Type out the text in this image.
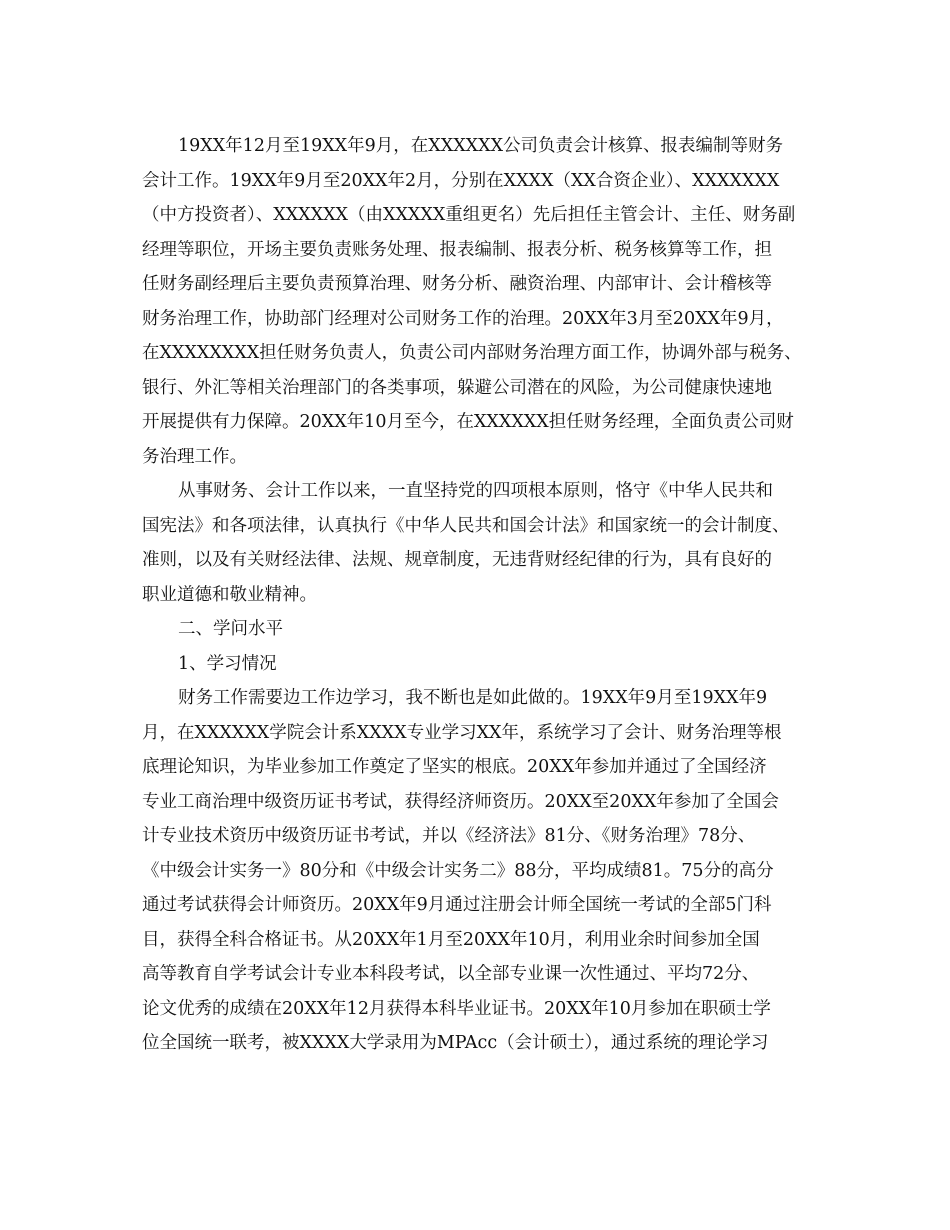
19XX年12月至19XX年9月，在XXXXXX公司负责会计核算、报表编制等财务
会计工作。19XX年9月至20XX年2月，分别在XXXX（XX合资企业）、XXXXXXX
（中方投资者）、XXXXXX（由XXXXX重组更名）先后担任主管会计、主任、财务副
经理等职位，开场主要负责账务处理、报表编制、报表分析、税务核算等工作，担
任财务副经理后主要负责预算治理、财务分析、融资治理、内部审计、会计稽核等
财务治理工作，协助部门经理对公司财务工作的治理。20XX年3月至20XX年9月，
在XXXXXXXX担任财务负责人，负责公司内部财务治理方面工作，协调外部与税务、
银行、外汇等相关治理部门的各类事项，躲避公司潜在的风险，为公司健康快速地
开展提供有力保障。20XX年10月至今，在XXXXXX担任财务经理，全面负责公司财
务治理工作。
从事财务、会计工作以来，一直坚持党的四项根本原则，恪守《中华人民共和
国宪法》和各项法律，认真执行《中华人民共和国会计法》和国家统一的会计制度、
准则，以及有关财经法律、法规、规章制度，无违背财经纪律的行为，具有良好的
职业道德和敬业精神。
二、学问水平
1、学习情况
财务工作需要边工作边学习，我不断也是如此做的。19XX年9月至19XX年9
月，在XXXXXX学院会计系XXXX专业学习XX年，系统学习了会计、财务治理等根
底理论知识，为毕业参加工作奠定了坚实的根底。20XX年参加并通过了全国经济
专业工商治理中级资历证书考试，获得经济师资历。20XX至20XX年参加了全国会
计专业技术资历中级资历证书考试，并以《经济法》81分、《财务治理》78分、
《中级会计实务一》80分和《中级会计实务二》88分，平均成绩81。75分的高分
通过考试获得会计师资历。20XX年9月通过注册会计师全国统一考试的全部5门科
目，获得全科合格证书。从20XX年1月至20XX年10月，利用业余时间参加全国
高等教育自学考试会计专业本科段考试，以全部专业课一次性通过、平均72分、
论文优秀的成绩在20XX年12月获得本科毕业证书。20XX年10月参加在职硕士学
位全国统一联考，被XXXX大学录用为MPAcc（会计硕士），通过系统的理论学习
